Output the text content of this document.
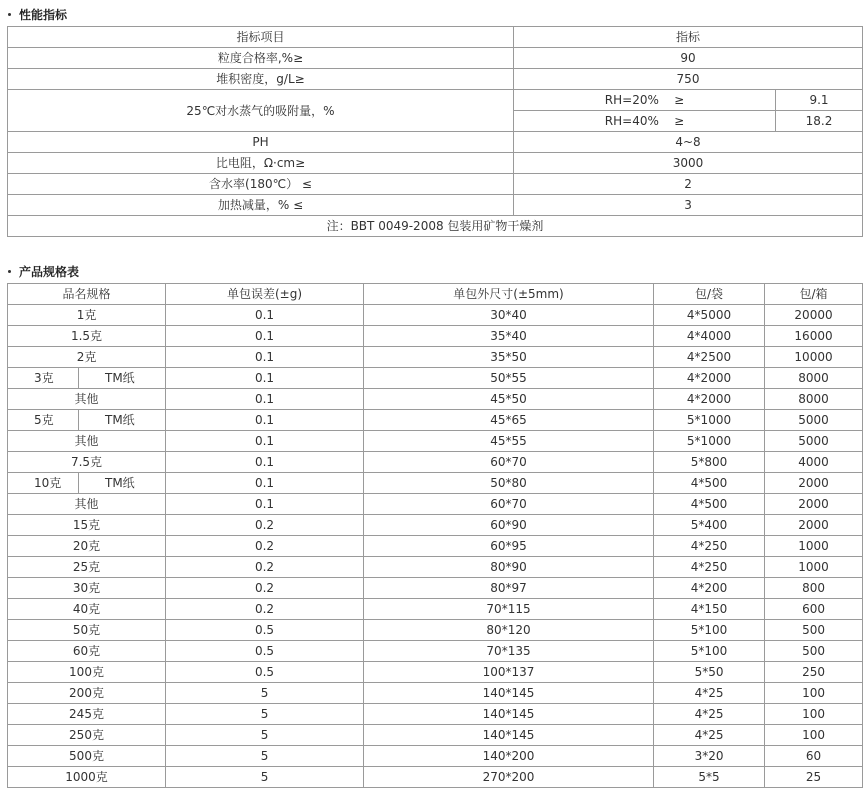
性能指标
指标项目	指标	
粒度合格率,%≥	90	
堆积密度，g/L≥	750	
25℃对水蒸气的吸附量，%	RH=20% ≥	9.1
	RH=40% ≥	18.2
PH	4~8	
比电阻，Ω·cm≥	3000	
含水率(180℃） ≤	2	
加热减量，% ≤	3	
注：BBT 0049-2008 包装用矿物干燥剂		
产品规格表
品名规格		单包误差(±g)	单包外尺寸(±5mm)	包/袋	包/箱
1克		0.1	30*40	4*5000	20000
1.5克		0.1	35*40	4*4000	16000
2克		0.1	35*50	4*2500	10000
3克	TM纸	0.1	50*55	4*2000	8000
其他		0.1	45*50	4*2000	8000
5克	TM纸	0.1	45*65	5*1000	5000
其他		0.1	45*55	5*1000	5000
7.5克		0.1	60*70	5*800	4000
10克	TM纸	0.1	50*80	4*500	2000
其他		0.1	60*70	4*500	2000
15克		0.2	60*90	5*400	2000
20克		0.2	60*95	4*250	1000
25克		0.2	80*90	4*250	1000
30克		0.2	80*97	4*200	800
40克		0.2	70*115	4*150	600
50克		0.5	80*120	5*100	500
60克		0.5	70*135	5*100	500
100克		0.5	100*137	5*50	250
200克		5	140*145	4*25	100
245克		5	140*145	4*25	100
250克		5	140*145	4*25	100
500克		5	140*200	3*20	60
1000克		5	270*200	5*5	25
